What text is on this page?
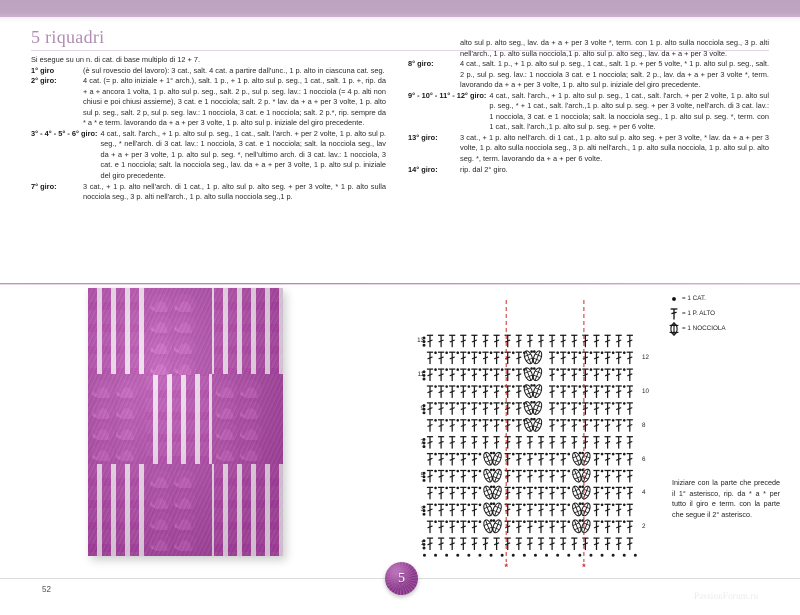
5 riquadri
Si esegue su un n. di cat. di base multiplo di 12 + 7.
1° giro	(è sul rovescio del lavoro): 3 cat., salt. 4 cat. a partire dall'unc., 1 p. alto in ciascuna cat. seg.
2° giro:	4 cat. (= p. alto iniziale + 1° arch.), salt. 1 p., + 1 p. alto sul p. seg., 1 cat., salt. 1 p. +, rip. da + a + ancora 1 volta, 1 p. alto sul p. seg., salt. 2 p., sul p. seg. lav.: 1 nocciola (= 4 p. alti non chiusi e poi chiusi assieme), 3 cat. e 1 nocciola; salt. 2 p. * lav. da + a + per 3 volte, 1 p. alto sul p. seg., salt. 2 p, sul p. seg. lav.: 1 nocciola, 3 cat. e 1 nocciola; salt. 2 p.*, rip. sempre da * a * e term. lavorando da + a + per 3 volte, 1 p. alto sul p. iniziale del giro precedente.
3° - 4° - 5° - 6° giro: 4 cat., salt. l'arch., + 1 p. alto sul p. seg., 1 cat., salt. l'arch. + per 2 volte, 1 p. alto sul p. seg., * nell'arch. di 3 cat. lav.: 1 nocciola, 3 cat. e 1 nocciola; salt. la nocciola seg., lav da + a + per 3 volte, 1 p. alto sul p. seg. *, nell'ultimo arch. di 3 cat. lav.: 1 nocciola, 3 cat. e 1 nocciola; salt. la nocciola seg., lav. da + a + per 3 volte, 1 p. alto sul p. iniziale del giro precedente.
7° giro:	3 cat., + 1 p. alto nell'arch. di 1 cat., 1 p. alto sul p. alto seg. + per 3 volte, * 1 p. alto sulla nocciola seg., 3 p. alti nell'arch., 1 p. alto sulla nocciola seg.,1 p.
alto sul p. alto seg., lav. da + a + per 3 volte *, term. con 1 p. alto sulla nocciola seg., 3 p. alti nell'arch., 1 p. alto sulla nocciola,1 p. alto sul p. alto seg., lav. da + a + per 3 volte.
8° giro:	4 cat., salt. 1 p., + 1 p. alto sul p. seg., 1 cat., salt. 1 p. + per 5 volte, * 1 p. alto sul p. seg., salt. 2 p., sul p. seg. lav.: 1 nocciola 3 cat. e 1 nocciola; salt. 2 p., lav. da + a + per 3 volte *, term. lavorando da + a + per 3 volte, 1 p. alto sul p. iniziale del giro precedente.
9° - 10° - 11° - 12° giro: 4 cat., salt. l'arch., + 1 p. alto sul p. seg., 1 cat., salt. l'arch. + per 2 volte, 1 p. alto sul p. seg., * + 1 cat., salt. l'arch.,1 p. alto sul p. seg. + per 3 volte, nell'arch. di 3 cat. lav.: 1 nocciola, 3 cat. e 1 nocciola; salt. la nocciola seg., 1 p. alto sul p. seg. *, term. con 1 cat., salt. l'arch.,1 p. alto sul p. seg. + per 6 volte.
13° giro:	3 cat., + 1 p. alto nell'arch. di 1 cat., 1 p. alto sul p. alto seg. + per 3 volte, * lav. da + a + per 3 volte, 1 p. alto sulla nocciola seg., 3 p. alti nell'arch., 1 p. alto sulla nocciola, 1 p. alto sul p. alto seg. *, term. lavorando da + a + per 6 volte.
14° giro:	rip. dal 2° giro.
*	*
1
3
5
7
9
11
13
2
4
6
8
10
12
= 1 CAT.
= 1 P. ALTO
= 1 NOCCIOLA
Iniziare con la parte che precede il 1° asterisco, rip. da * a * per tutto il giro e term. con la parte che segue il 2° asterisco.
52
5
PassionForum.ru
